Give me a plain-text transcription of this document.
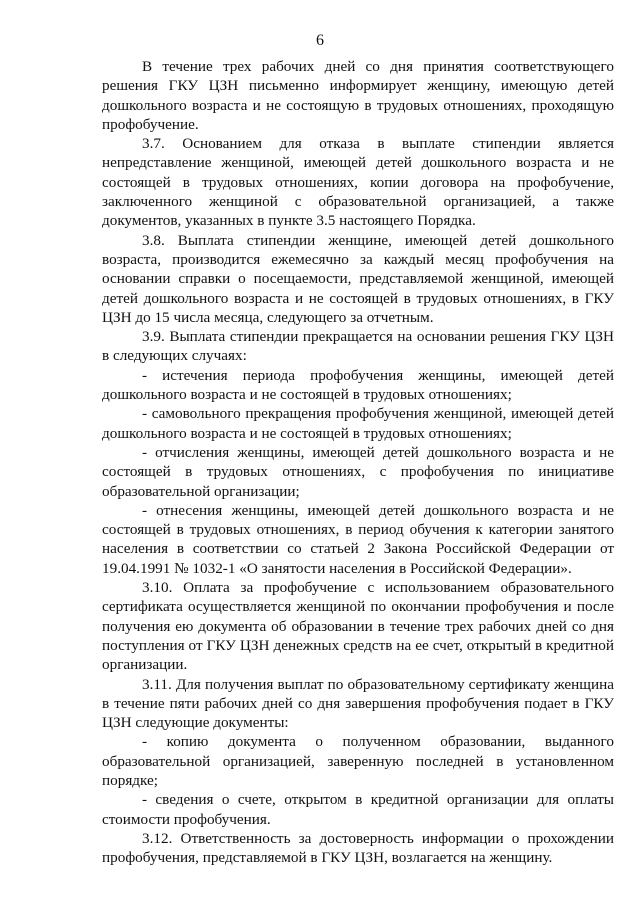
6

В течение трех рабочих дней со дня принятия соответствующего решения ГКУ ЦЗН письменно информирует женщину, имеющую детей дошкольного возраста и не состоящую в трудовых отношениях, проходящую профобучение.

3.7. Основанием для отказа в выплате стипендии является непредставление женщиной, имеющей детей дошкольного возраста и не состоящей в трудовых отношениях, копии договора на профобучение, заключенного женщиной с образовательной организацией, а также документов, указанных в пункте 3.5 настоящего Порядка.

3.8. Выплата стипендии женщине, имеющей детей дошкольного возраста, производится ежемесячно за каждый месяц профобучения на основании справки о посещаемости, представляемой женщиной, имеющей детей дошкольного возраста и не состоящей в трудовых отношениях, в ГКУ ЦЗН до 15 числа месяца, следующего за отчетным.

3.9. Выплата стипендии прекращается на основании решения ГКУ ЦЗН в следующих случаях:

- истечения периода профобучения женщины, имеющей детей дошкольного возраста и не состоящей в трудовых отношениях;

- самовольного прекращения профобучения женщиной, имеющей детей дошкольного возраста и не состоящей в трудовых отношениях;

- отчисления женщины, имеющей детей дошкольного возраста и не состоящей в трудовых отношениях, с профобучения по инициативе образовательной организации;

- отнесения женщины, имеющей детей дошкольного возраста и не состоящей в трудовых отношениях, в период обучения к категории занятого населения в соответствии со статьей 2 Закона Российской Федерации от 19.04.1991 № 1032-1 «О занятости населения в Российской Федерации».

3.10. Оплата за профобучение с использованием образовательного сертификата осуществляется женщиной по окончании профобучения и после получения ею документа об образовании в течение трех рабочих дней со дня поступления от ГКУ ЦЗН денежных средств на ее счет, открытый в кредитной организации.

3.11. Для получения выплат по образовательному сертификату женщина в течение пяти рабочих дней со дня завершения профобучения подает в ГКУ ЦЗН следующие документы:

- копию документа о полученном образовании, выданного образовательной организацией, заверенную последней в установленном порядке;

- сведения о счете, открытом в кредитной организации для оплаты стоимости профобучения.

3.12. Ответственность за достоверность информации о прохождении профобучения, представляемой в ГКУ ЦЗН, возлагается на женщину.
